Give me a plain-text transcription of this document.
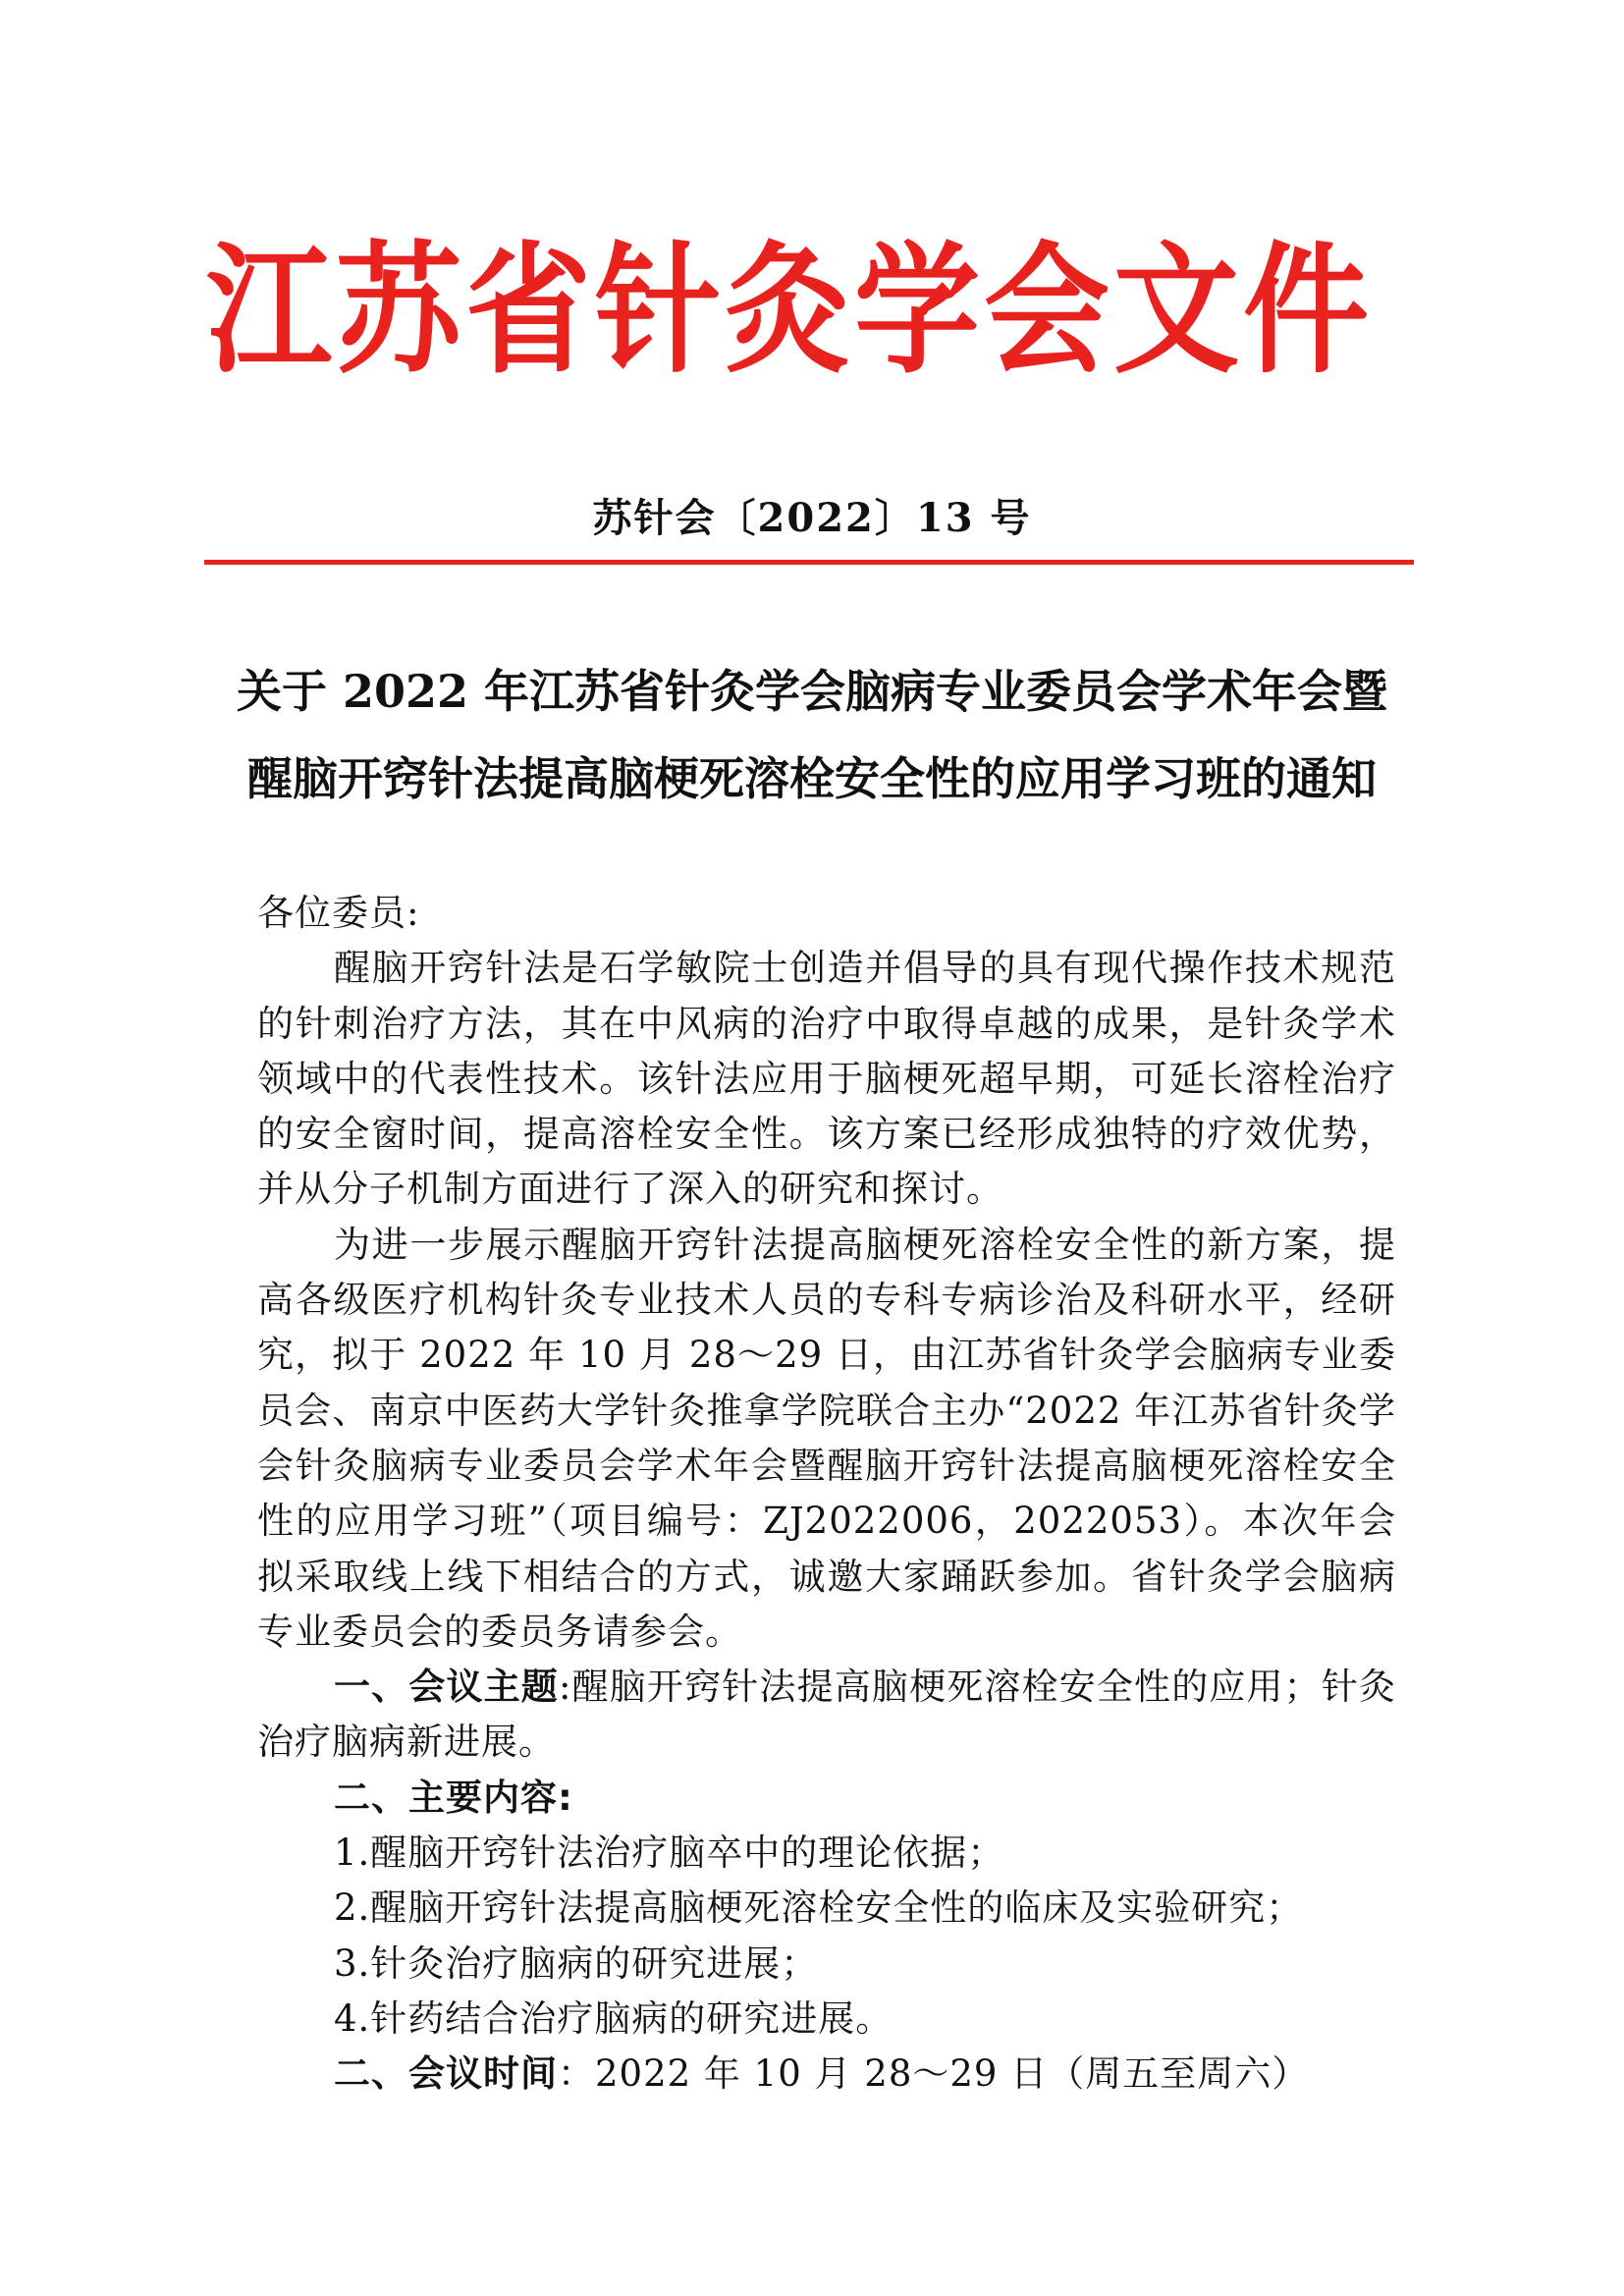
江苏省针灸学会文件
苏针会〔2022〕13 号
关于 2022 年江苏省针灸学会脑病专业委员会学术年会暨
醒脑开窍针法提高脑梗死溶栓安全性的应用学习班的通知

各位委员:

醒脑开窍针法是石学敏院士创造并倡导的具有现代操作技术规范的针刺治疗方法，其在中风病的治疗中取得卓越的成果，是针灸学术领域中的代表性技术。该针法应用于脑梗死超早期，可延长溶栓治疗的安全窗时间，提高溶栓安全性。该方案已经形成独特的疗效优势，并从分子机制方面进行了深入的研究和探讨。

为进一步展示醒脑开窍针法提高脑梗死溶栓安全性的新方案，提高各级医疗机构针灸专业技术人员的专科专病诊治及科研水平，经研究，拟于 2022 年 10 月 28～29 日，由江苏省针灸学会脑病专业委员会、南京中医药大学针灸推拿学院联合主办“2022 年江苏省针灸学会针灸脑病专业委员会学术年会暨醒脑开窍针法提高脑梗死溶栓安全性的应用学习班”（项目编号：ZJ2022006，2022053）。本次年会拟采取线上线下相结合的方式，诚邀大家踊跃参加。省针灸学会脑病专业委员会的委员务请参会。

一、会议主题:醒脑开窍针法提高脑梗死溶栓安全性的应用；针灸治疗脑病新进展。

二、主要内容:

1.醒脑开窍针法治疗脑卒中的理论依据；

2.醒脑开窍针法提高脑梗死溶栓安全性的临床及实验研究；

3.针灸治疗脑病的研究进展；

4.针药结合治疗脑病的研究进展。

二、会议时间：2022 年 10 月 28～29 日（周五至周六）
